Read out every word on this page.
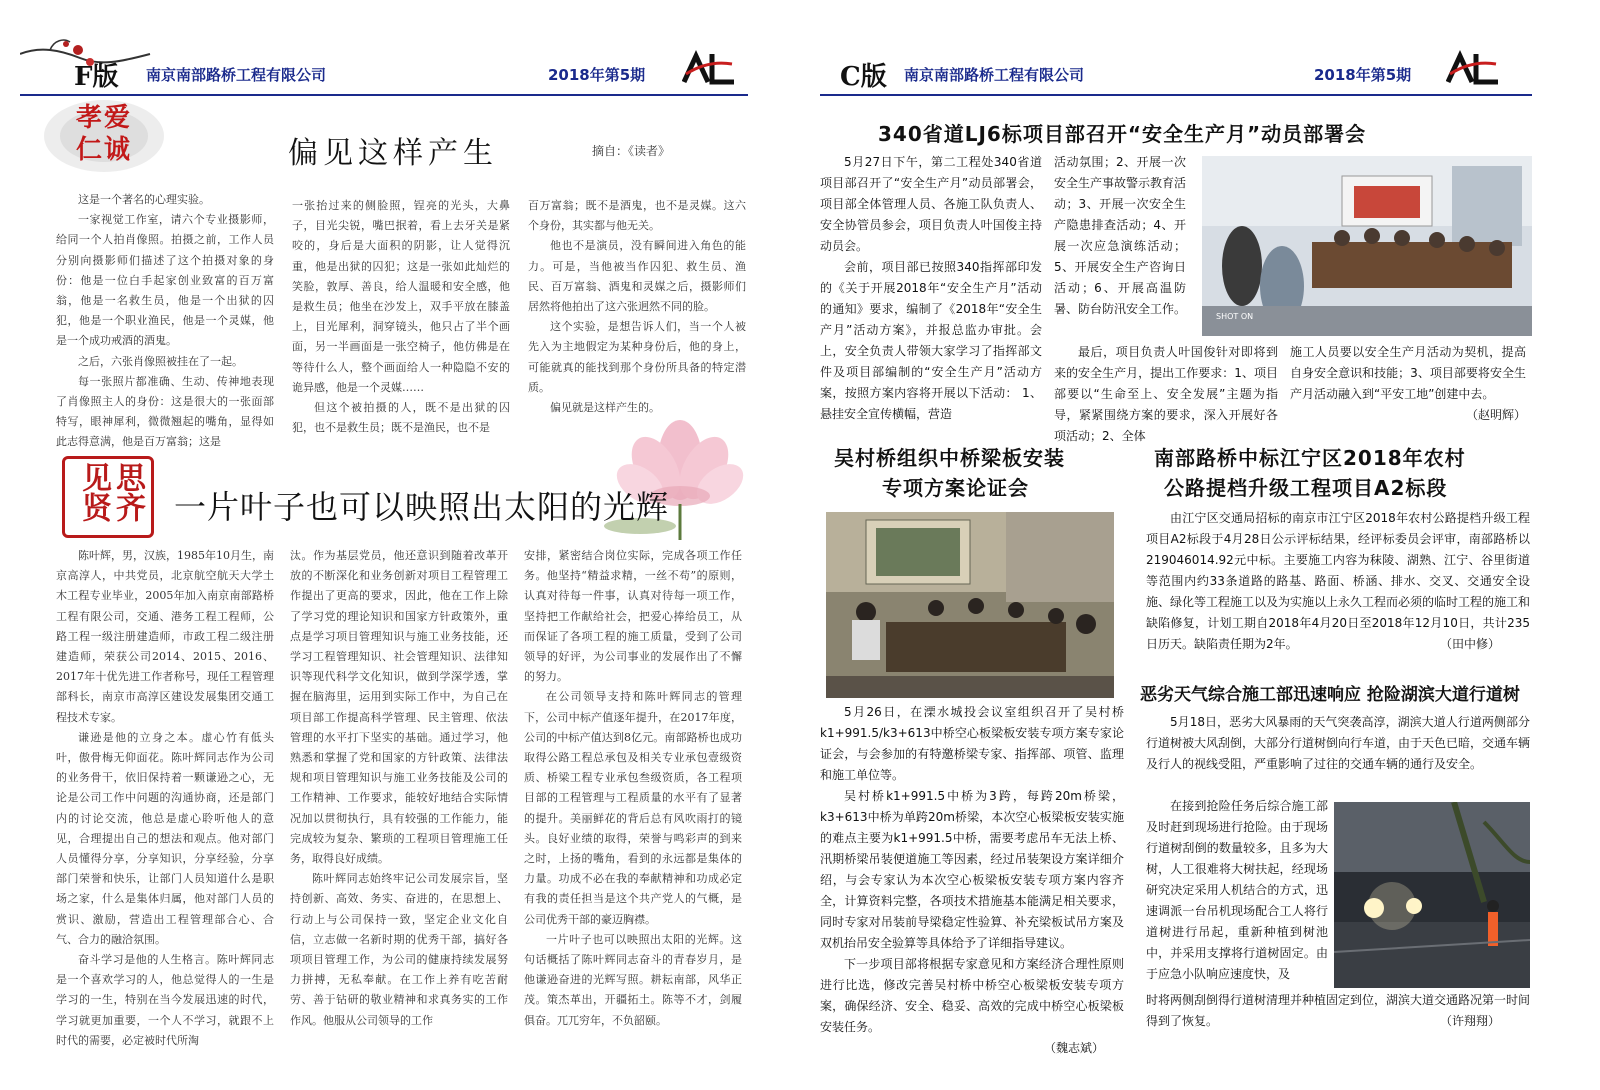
F版 南京南部路桥工程有限公司	2018年第5期
孝爱仁诚	偏见这样产生	摘自：《读者》

这是一个著名的心理实验。

一家视觉工作室，请六个专业摄影师，给同一个人拍肖像照。拍摄之前，工作人员分别向摄影师们描述了这个拍摄对象的身份：他是一位白手起家创业致富的百万富翁，他是一名救生员，他是一个出狱的囚犯，他是一个职业渔民，他是一个灵媒，他是一个成功戒酒的酒鬼。

之后，六张肖像照被挂在了一起。

每一张照片都准确、生动、传神地表现了肖像照主人的身份：这是很大的一张面部特写，眼神犀利，微微翘起的嘴角，显得如此志得意满，他是百万富翁；这是

一张抬过来的侧脸照，锃亮的光头，大鼻子，目光尖锐，嘴巴抿着，看上去牙关是紧咬的，身后是大面积的阴影，让人觉得沉重，他是出狱的囚犯；这是一张如此灿烂的笑脸，敦厚、善良，给人温暖和安全感，他是救生员；他坐在沙发上，双手平放在膝盖上，目光犀利，洞穿镜头，他只占了半个画面，另一半画面是一张空椅子，他仿佛是在等待什么人，整个画面给人一种隐隐不安的诡异感，他是一个灵媒……

但这个被拍摄的人，既不是出狱的囚犯，也不是救生员；既不是渔民，也不是

百万富翁；既不是酒鬼，也不是灵媒。这六个身份，其实都与他无关。

他也不是演员，没有瞬间进入角色的能力。可是，当他被当作囚犯、救生员、渔民、百万富翁、酒鬼和灵媒之后，摄影师们居然将他拍出了这六张迥然不同的脸。

这个实验，是想告诉人们，当一个人被先入为主地假定为某种身份后，他的身上，可能就真的能找到那个身份所具备的特定潜质。

偏见就是这样产生的。

思齐见贤	一片叶子也可以映照出太阳的光辉

陈叶辉，男，汉族，1985年10月生，南京高淳人，中共党员，北京航空航天大学土木工程专业毕业，2005年加入南京南部路桥工程有限公司，交通、港务工程工程师，公路工程一级注册建造师，市政工程二级注册建造师，荣获公司2014、2015、2016、2017年十优先进工作者称号，现任工程管理部科长，南京市高淳区建设发展集团交通工程技术专家。

谦逊是他的立身之本。虚心竹有低头叶，傲骨梅无仰面花。陈叶辉同志作为公司的业务骨干，依旧保持着一颗谦逊之心，无论是公司工作中问题的沟通协商，还是部门内的讨论交流，他总是虚心聆听他人的意见，合理提出自己的想法和观点。他对部门人员懂得分享，分享知识，分享经验，分享部门荣誉和快乐，让部门人员知道什么是职场之家，什么是集体归属，他对部门人员的赏识、激励，营造出工程管理部合心、合气、合力的融洽氛围。

奋斗学习是他的人生格言。陈叶辉同志是一个喜欢学习的人，他总觉得人的一生是学习的一生，特别在当今发展迅速的时代，学习就更加重要，一个人不学习，就跟不上时代的需要，必定被时代所淘

汰。作为基层党员，他还意识到随着改革开放的不断深化和业务创新对项目工程管理工作提出了更高的要求，因此，他在工作上除了学习党的理论知识和国家方针政策外，重点是学习项目管理知识与施工业务技能，还学习工程管理知识、社会管理知识、法律知识等现代科学文化知识，做到学深学透，掌握在脑海里，运用到实际工作中，为自己在项目部工作提高科学管理、民主管理、依法管理的水平打下坚实的基础。通过学习，他熟悉和掌握了党和国家的方针政策、法律法规和项目管理知识与施工业务技能及公司的工作精神、工作要求，能较好地结合实际情况加以贯彻执行，具有较强的工作能力，能完成较为复杂、繁琐的工程项目管理施工任务，取得良好成绩。

陈叶辉同志始终牢记公司发展宗旨，坚持创新、高效、务实、奋进的，在思想上、行动上与公司保持一致，坚定企业文化自信，立志做一名新时期的优秀干部，搞好各项项目管理工作，为公司的健康持续发展努力拼搏，无私奉献。在工作上养有吃苦耐劳、善于钻研的敬业精神和求真务实的工作作风。他服从公司领导的工作

安排，紧密结合岗位实际，完成各项工作任务。他坚持“精益求精，一丝不苟”的原则，认真对待每一件事，认真对待每一项工作，坚持把工作献给社会，把爱心捧给员工，从而保证了各项工程的施工质量，受到了公司领导的好评，为公司事业的发展作出了不懈的努力。

在公司领导支持和陈叶辉同志的管理下，公司中标产值逐年提升，在2017年度，公司的中标产值达到8亿元。南部路桥也成功取得公路工程总承包及相关专业承包壹级资质、桥梁工程专业承包叁级资质，各工程项目部的工程管理与工程质量的水平有了显著的提升。美丽鲜花的背后总有风吹雨打的镜头。良好业绩的取得，荣誉与鸣彩声的到来之时，上扬的嘴角，看到的永远都是集体的力量。功成不必在我的奉献精神和功成必定有我的责任担当是这个共产党人的气概，是公司优秀干部的豪迈胸襟。

一片叶子也可以映照出太阳的光辉。这句话概括了陈叶辉同志奋斗的青春岁月，是他谦逊奋进的光辉写照。耕耘南部，风华正茂。策杰革出，开疆拓土。陈等不才，剑履俱奋。兀兀穷年，不负韶颐。

C版 南京南部路桥工程有限公司	2018年第5期
340省道LJ6标项目部召开“安全生产月”动员部署会

5月27日下午，第二工程处340省道项目部召开了“安全生产月”动员部署会，项目部全体管理人员、各施工队负责人、安全协管员参会，项目负责人叶国俊主持动员会。

会前，项目部已按照340指挥部印发的《关于开展2018年“安全生产月”活动的通知》要求，编制了《2018年“安全生产月”活动方案》，并报总监办审批。会上，安全负责人带领大家学习了指挥部文件及项目部编制的“安全生产月”活动方案，按照方案内容将开展以下活动： 1、悬挂安全宣传横幅，营造

活动氛围；2、开展一次安全生产事故警示教育活动；3、开展一次安全生产隐患排查活动；4、开展一次应急演练活动；5、开展安全生产咨询日活动；6、开展高温防暑、防台防汛安全工作。

最后，项目负责人叶国俊针对即将到来的安全生产月，提出工作要求：1、项目部要以“生命至上、安全发展”主题为指导，紧紧围绕方案的要求，深入开展好各项活动；2、全体

施工人员要以安全生产月活动为契机，提高自身安全意识和技能；3、项目部要将安全生产月活动融入到“平安工地”创建中去。

（赵明辉）

SHOT ON
吴村桥组织中桥梁板安装
专项方案论证会

5月26日，在溧水城投会议室组织召开了吴村桥k1+991.5/k3+613中桥空心板梁板安装专项方案专家论证会，与会参加的有特邀桥梁专家、指挥部、项管、监理和施工单位等。

吴村桥k1+991.5中桥为3跨，每跨20m桥梁，k3+613中桥为单跨20m桥梁，本次空心板梁板安装实施的难点主要为k1+991.5中桥，需要考虑吊车无法上桥、汛期桥梁吊装便道施工等因素，经过吊装架设方案详细介绍，与会专家认为本次空心板梁板安装专项方案内容齐全，计算资料完整，各项技术措施基本能满足相关要求，同时专家对吊装前导梁稳定性验算、补充梁板试吊方案及双机抬吊安全验算等具体给予了详细指导建议。

下一步项目部将根据专家意见和方案经济合理性原则进行比选，修改完善吴村桥中桥空心板梁板安装专项方案，确保经济、安全、稳妥、高效的完成中桥空心板梁板安装任务。

（魏志斌）

南部路桥中标江宁区2018年农村
公路提档升级工程项目A2标段

由江宁区交通局招标的南京市江宁区2018年农村公路提档升级工程项目A2标段于4月28日公示评标结果，经评标委员会评审，南部路桥以219046014.92元中标。主要施工内容为秣陵、湖熟、江宁、谷里街道等范围内约33条道路的路基、路面、桥涵、排水、交叉、交通安全设施、绿化等工程施工以及为实施以上永久工程而必须的临时工程的施工和缺陷修复，计划工期自2018年4月20日至2018年12月10日，共计235日历天。缺陷责任期为2年。	（田中修）

恶劣天气综合施工部迅速响应 抢险湖滨大道行道树

5月18日，恶劣大风暴雨的天气突袭高淳，湖滨大道人行道两侧部分行道树被大风刮倒，大部分行道树倒向行车道，由于天色已暗，交通车辆及行人的视线受阻，严重影响了过往的交通车辆的通行及安全。

在接到抢险任务后综合施工部及时赶到现场进行抢险。由于现场行道树刮倒的数量较多，且多为大树，人工很难将大树扶起，经现场研究决定采用人机结合的方式，迅速调派一台吊机现场配合工人将行道树进行吊起，重新种植到树池中，并采用支撑将行道树固定。由于应急小队响应速度快，及

时将两侧刮倒得行道树清理并种植固定到位，湖滨大道交通路况第一时间得到了恢复。	（许翔翔）
